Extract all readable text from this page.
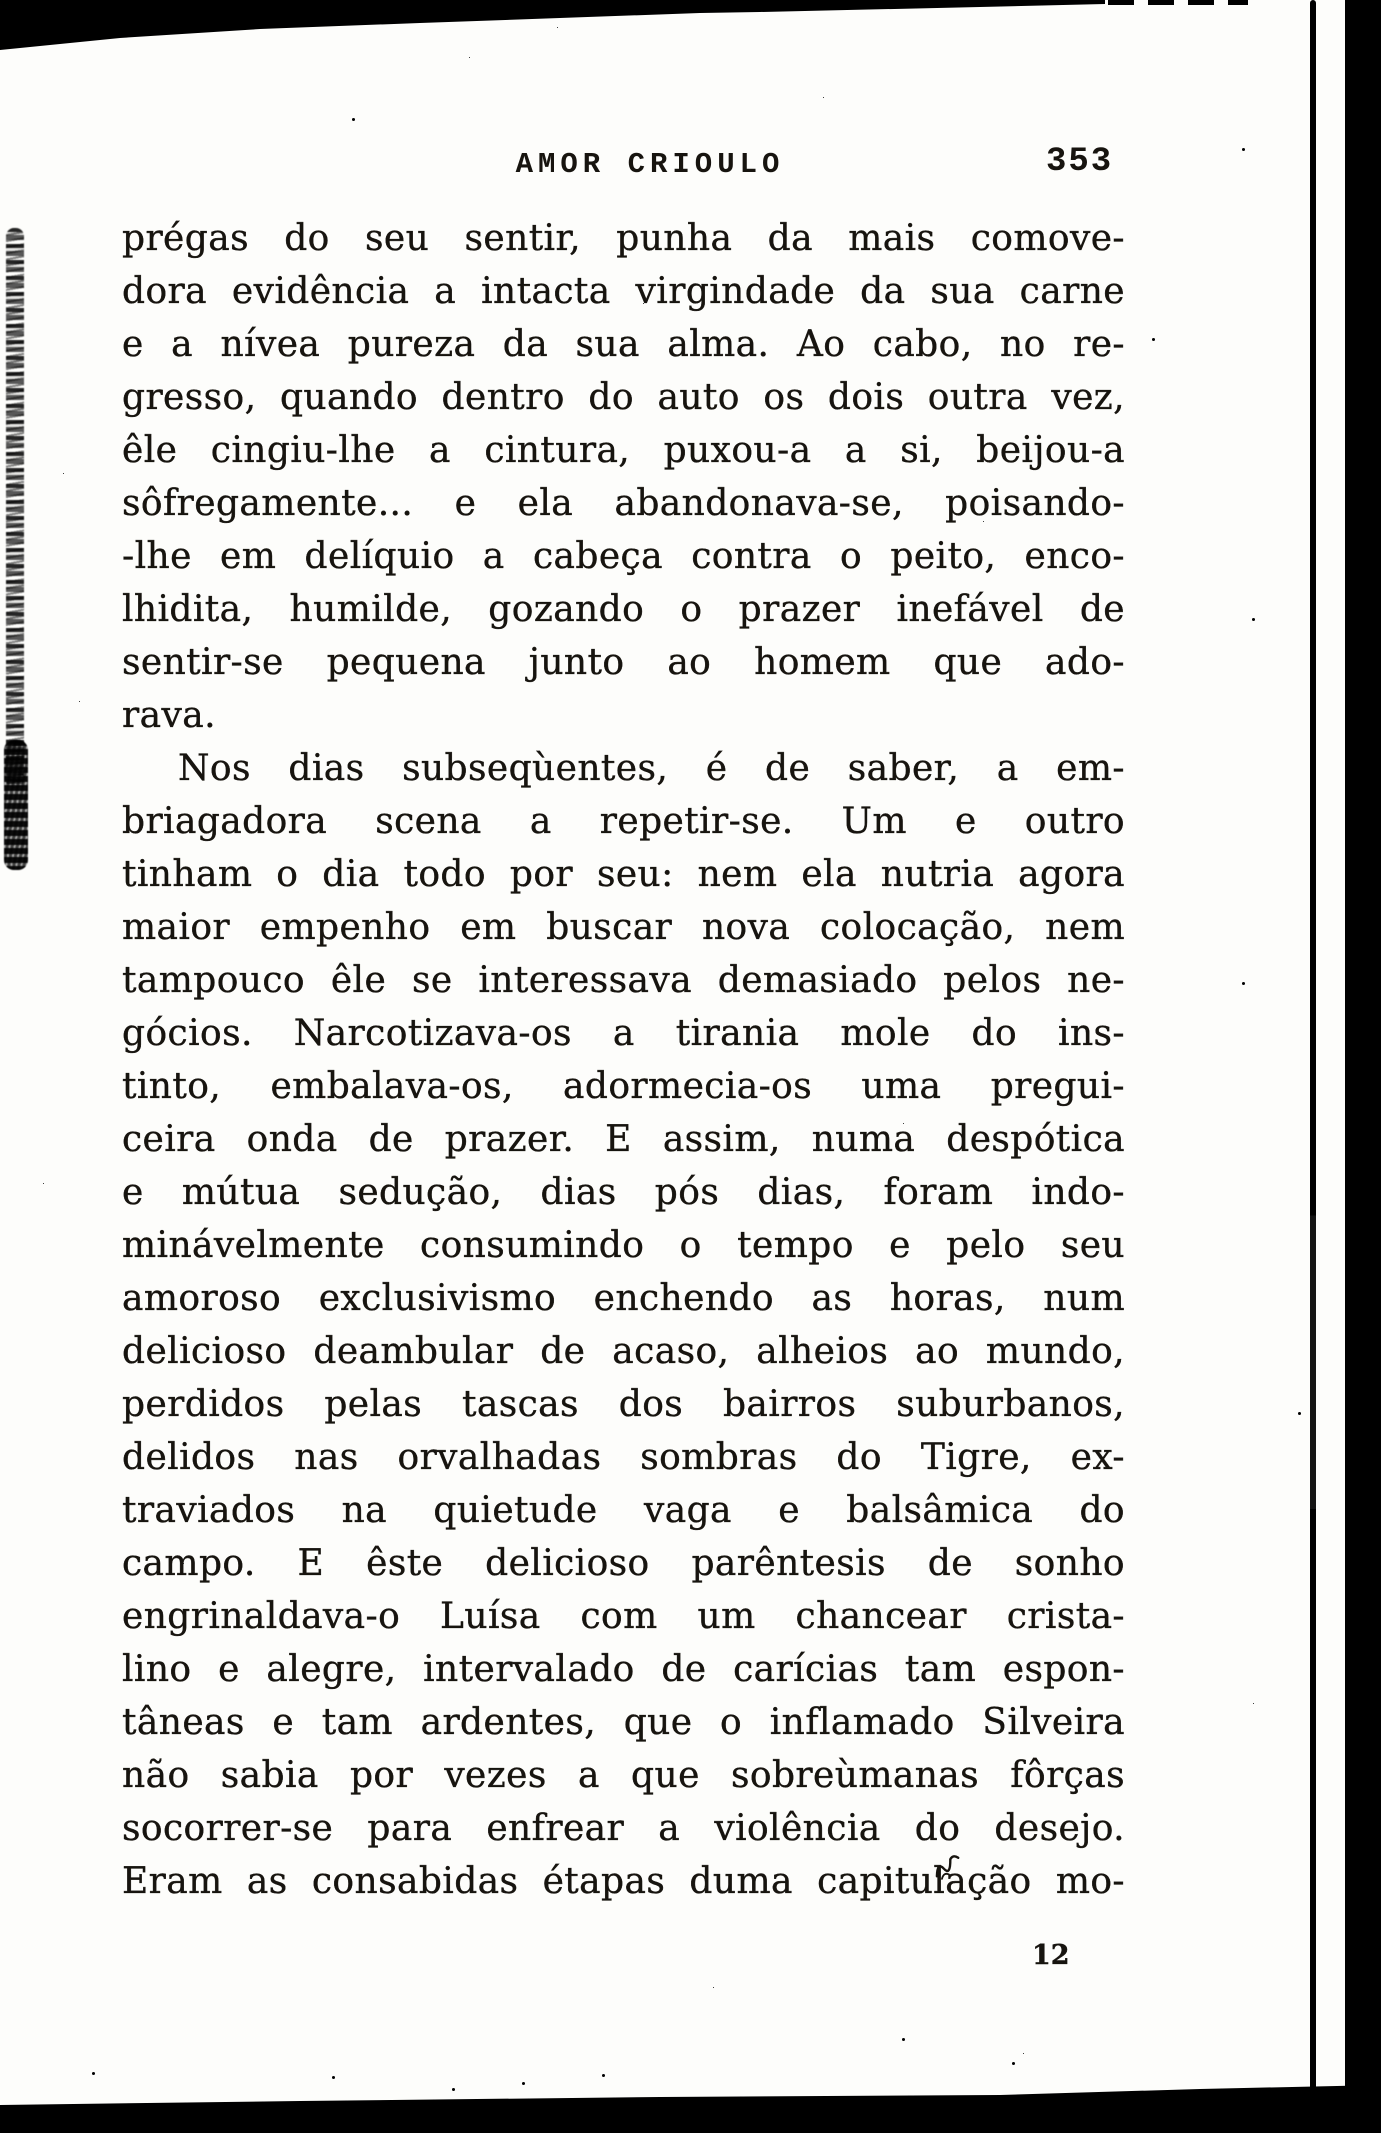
AMOR CRIOULO	353
prégas do seu sentir, punha da mais comove-
dora evidência a intacta virgindade da sua carne
e a nívea pureza da sua alma. Ao cabo, no re-
gresso, quando dentro do auto os dois outra vez,
êle cingiu-lhe a cintura, puxou-a a si, beijou-a
sôfregamente... e ela abandonava-se, poisando-
-lhe em delíquio a cabeça contra o peito, enco-
lhidita, humilde, gozando o prazer inefável de
sentir-se pequena junto ao homem que ado-
rava.
Nos dias subseqùentes, é de saber, a em-
briagadora scena a repetir-se. Um e outro
tinham o dia todo por seu: nem ela nutria agora
maior empenho em buscar nova colocação, nem
tampouco êle se interessava demasiado pelos ne-
gócios. Narcotizava-os a tirania mole do ins-
tinto, embalava-os, adormecia-os uma pregui-
ceira onda de prazer. E assim, numa despótica
e mútua sedução, dias pós dias, foram indo-
minávelmente consumindo o tempo e pelo seu
amoroso exclusivismo enchendo as horas, num
delicioso deambular de acaso, alheios ao mundo,
perdidos pelas tascas dos bairros suburbanos,
delidos nas orvalhadas sombras do Tigre, ex-
traviados na quietude vaga e balsâmica do
campo. E êste delicioso parêntesis de sonho
engrinaldava-o Luísa com um chancear crista-
lino e alegre, intervalado de carícias tam espon-
tâneas e tam ardentes, que o inflamado Silveira
não sabia por vezes a que sobreùmanas fôrças
socorrer-se para enfrear a violência do desejo.
Eram as consabidas étapas duma capitulação mo-
12
